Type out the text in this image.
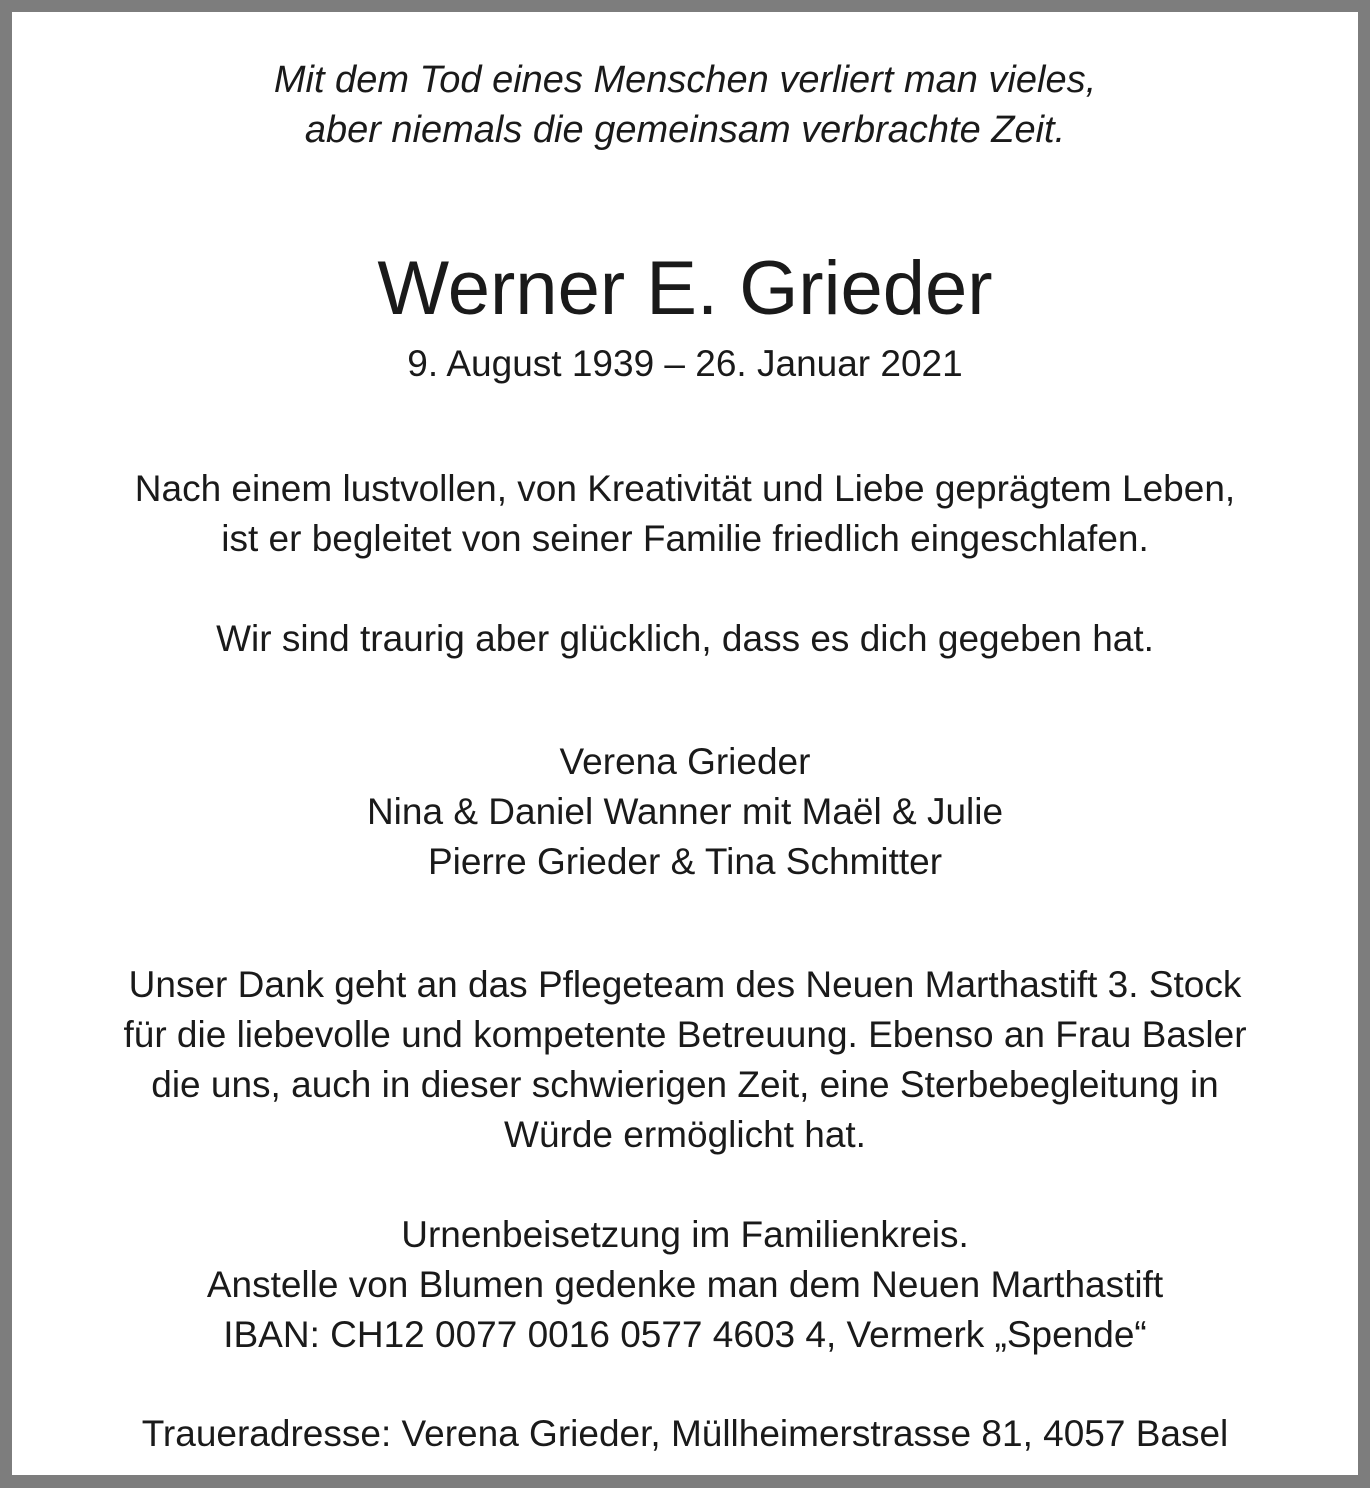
Mit dem Tod eines Menschen verliert man vieles,
aber niemals die gemeinsam verbrachte Zeit.
Werner E. Grieder
9. August 1939 – 26. Januar 2021
Nach einem lustvollen, von Kreativität und Liebe geprägtem Leben,
ist er begleitet von seiner Familie friedlich eingeschlafen.
Wir sind traurig aber glücklich, dass es dich gegeben hat.
Verena Grieder
Nina & Daniel Wanner mit Maël & Julie
Pierre Grieder & Tina Schmitter
Unser Dank geht an das Pflegeteam des Neuen Marthastift 3. Stock
für die liebevolle und kompetente Betreuung. Ebenso an Frau Basler
die uns, auch in dieser schwierigen Zeit, eine Sterbebegleitung in
Würde ermöglicht hat.
Urnenbeisetzung im Familienkreis.
Anstelle von Blumen gedenke man dem Neuen Marthastift
IBAN: CH12 0077 0016 0577 4603 4, Vermerk „Spende“
Traueradresse: Verena Grieder, Müllheimerstrasse 81, 4057 Basel
